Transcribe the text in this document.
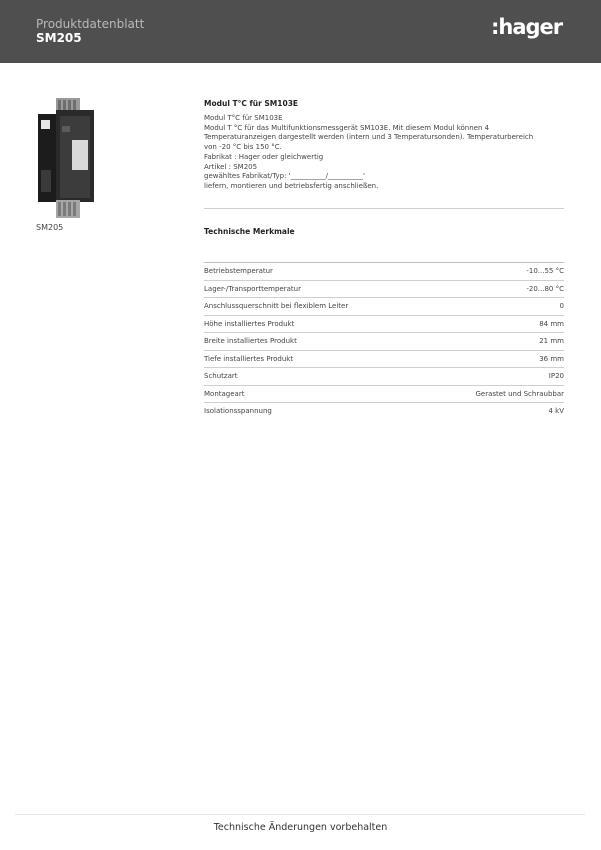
Produktdatenblatt
SM205	:hager
SM205
Modul T°C für SM103E
Modul T°C für SM103E
Modul T °C für das Multifunktionsmessgerät SM103E. Mit diesem Modul können 4
Temperaturanzeigen dargestellt werden (intern und 3 Temperatursonden). Temperaturbereich
von -20 °C bis 150 °C.
Fabrikat : Hager oder gleichwertig
Artikel : SM205
gewähltes Fabrikat/Typ: '__________/__________'
liefern, montieren und betriebsfertig anschließen.
Technische Merkmale
Betriebstemperatur	-10...55 °C
Lager-/Transporttemperatur	-20...80 °C
Anschlussquerschnitt bei flexiblem Leiter	0
Höhe installiertes Produkt	84 mm
Breite installiertes Produkt	21 mm
Tiefe installiertes Produkt	36 mm
Schutzart	IP20
Montageart	Gerastet und Schraubbar
Isolationsspannung	4 kV
Technische Änderungen vorbehalten
